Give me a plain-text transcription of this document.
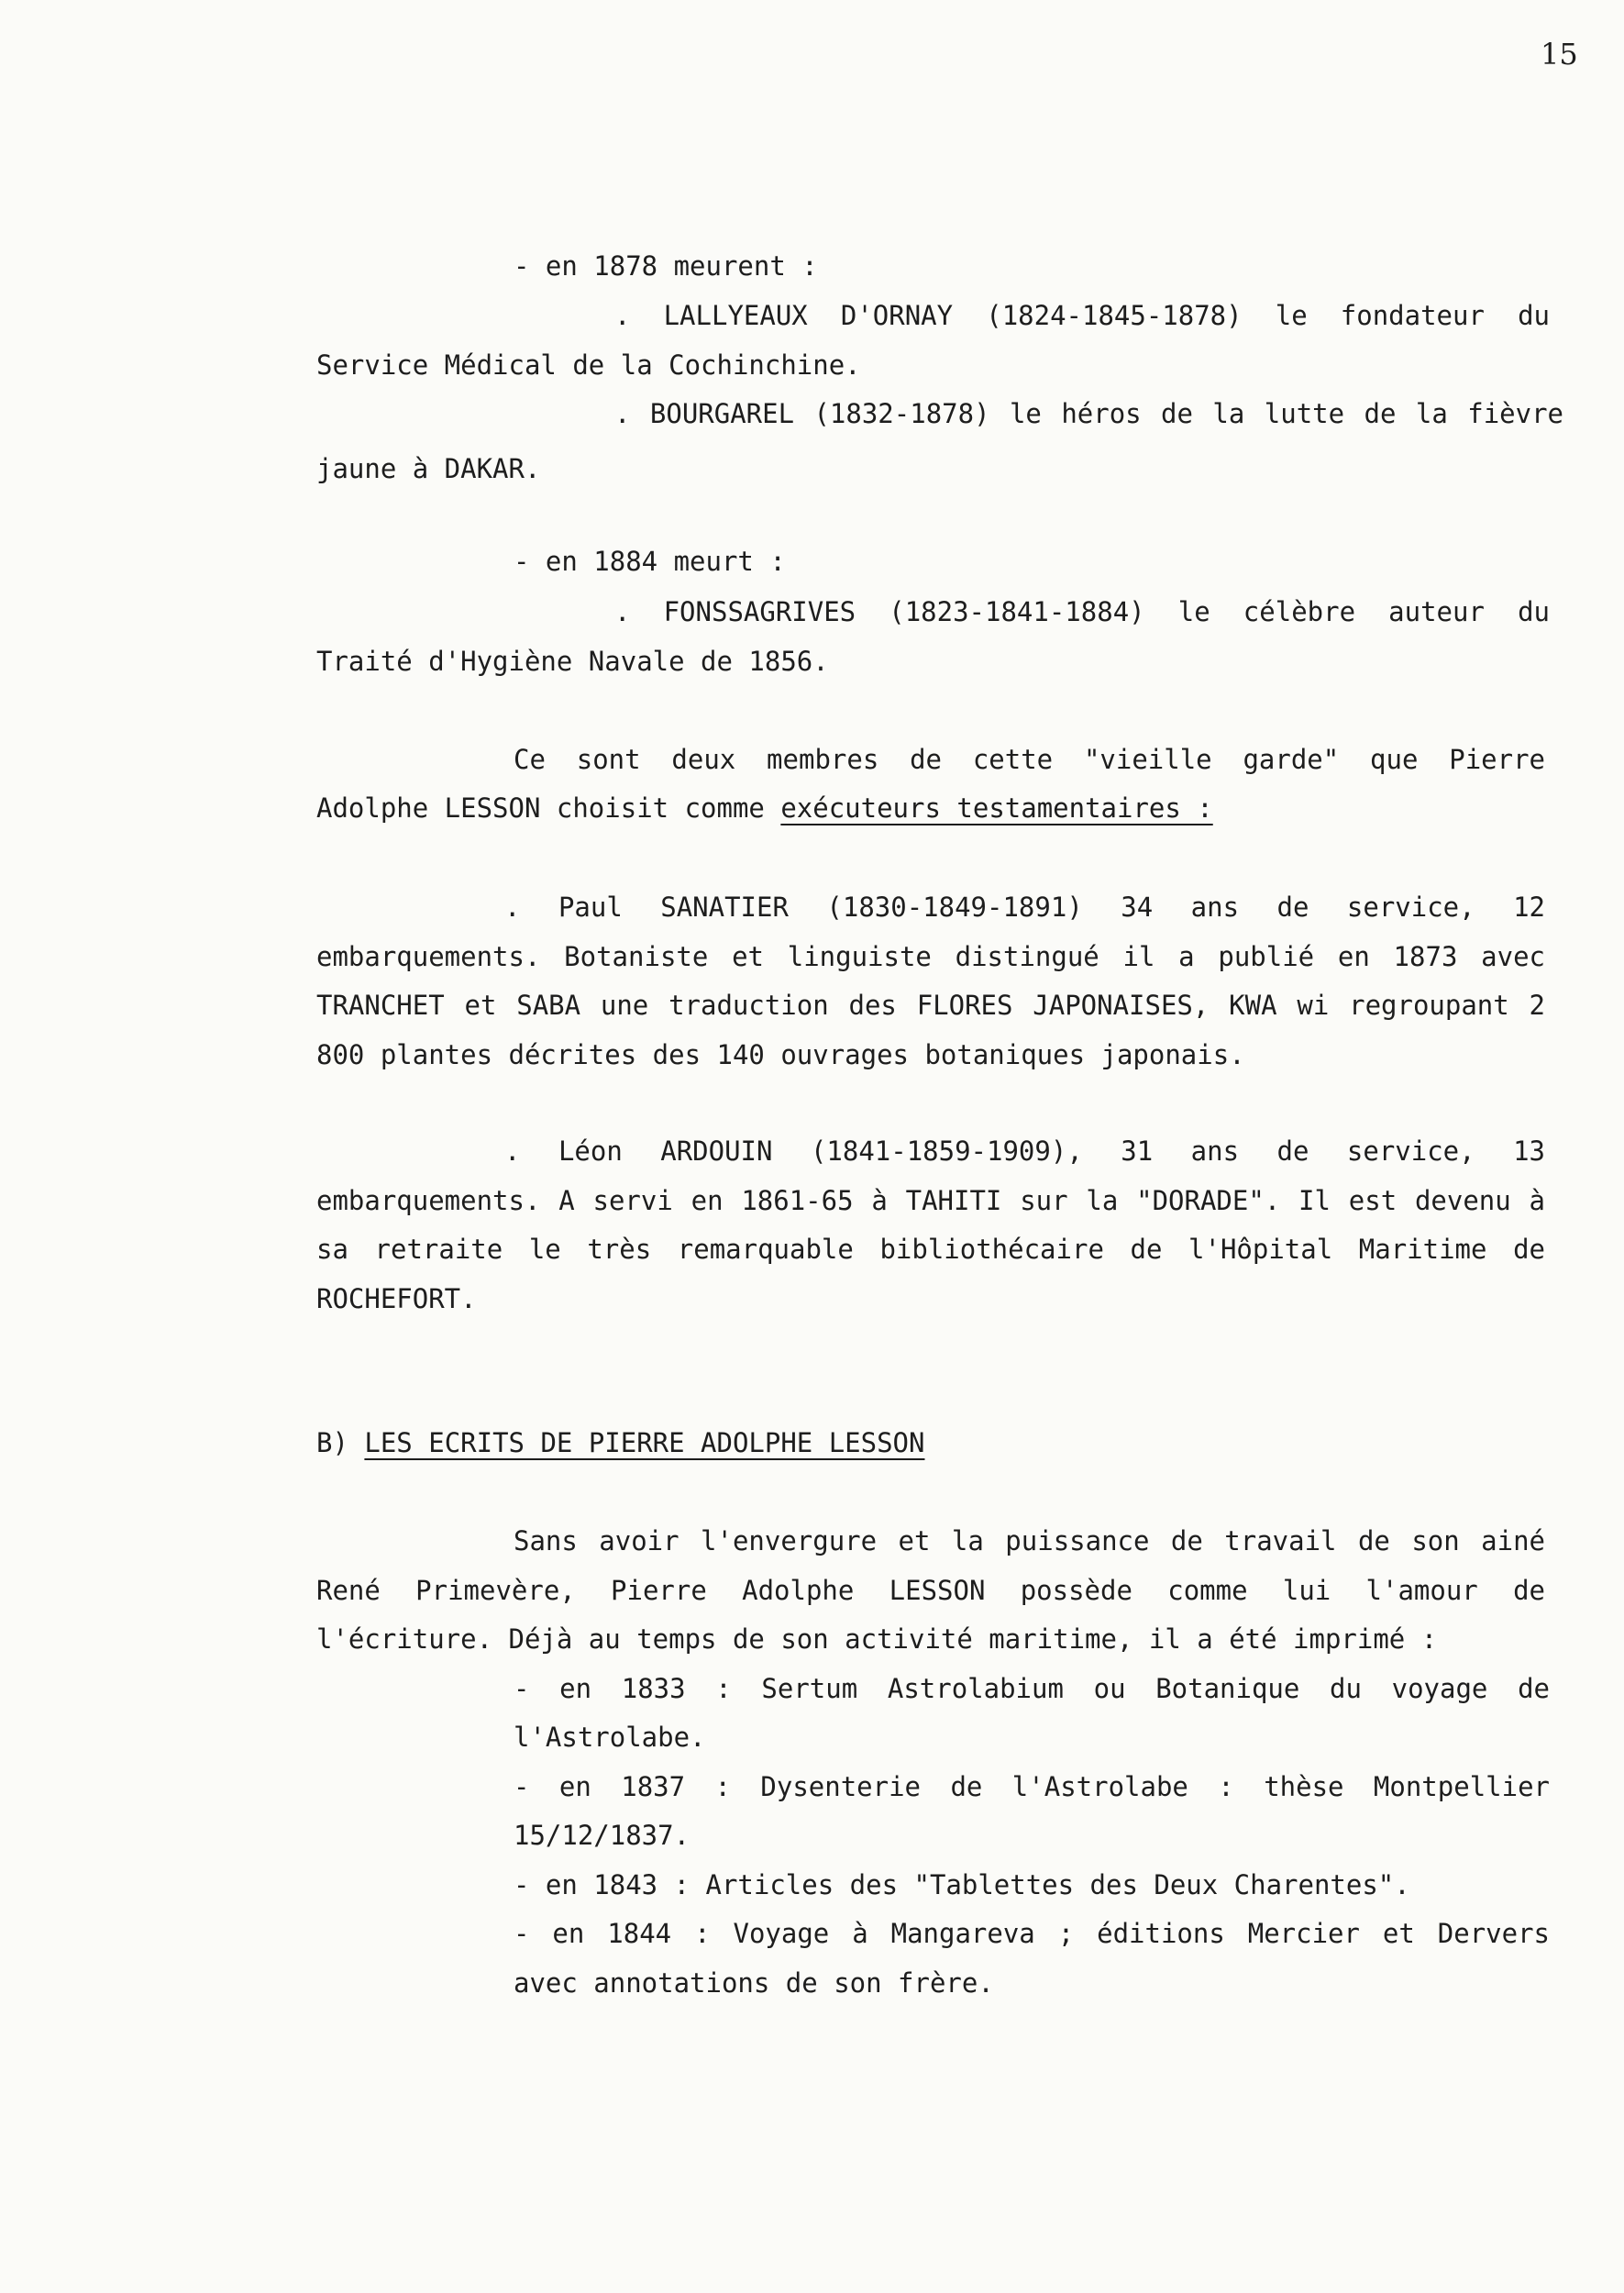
15
- en 1878 meurent :
. LALLYEAUX D'ORNAY (1824-1845-1878) le fondateur du
Service Médical de la Cochinchine.
. BOURGAREL (1832-1878) le héros de la lutte de la fièvre
jaune à DAKAR.
- en 1884 meurt :
. FONSSAGRIVES (1823-1841-1884) le célèbre auteur du
Traité d'Hygiène Navale de 1856.
Ce sont deux membres de cette "vieille garde" que Pierre
Adolphe LESSON choisit comme exécuteurs testamentaires :
. Paul SANATIER (1830-1849-1891) 34 ans de service, 12
embarquements. Botaniste et linguiste distingué il a publié en 1873 avec
TRANCHET et SABA une traduction des FLORES JAPONAISES, KWA wi regroupant 2
800 plantes décrites des 140 ouvrages botaniques japonais.
. Léon ARDOUIN (1841-1859-1909), 31 ans de service, 13
embarquements. A servi en 1861-65 à TAHITI sur la "DORADE". Il est devenu à
sa retraite le très remarquable bibliothécaire de l'Hôpital Maritime de
ROCHEFORT.
B) LES ECRITS DE PIERRE ADOLPHE LESSON
Sans avoir l'envergure et la puissance de travail de son ainé
René Primevère, Pierre Adolphe LESSON possède comme lui l'amour de
l'écriture. Déjà au temps de son activité maritime, il a été imprimé :
- en 1833 : Sertum Astrolabium ou Botanique du voyage de
l'Astrolabe.
- en 1837 : Dysenterie de l'Astrolabe : thèse Montpellier
15/12/1837.
- en 1843 : Articles des "Tablettes des Deux Charentes".
- en 1844 : Voyage à Mangareva ; éditions Mercier et Dervers
avec annotations de son frère.
